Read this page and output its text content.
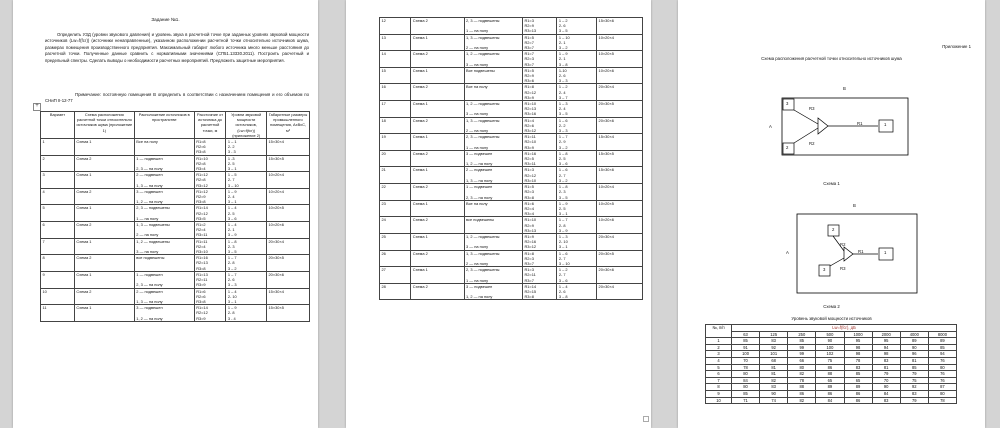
Задание №1.
Определить УЗД (уровни звукового давления) и уровень звука в расчетной точке при заданных уровнях звуковой мощности источников (Lw=f(fсг)) (источники ненаправленные), указанном расположении расчетной точки относительно источников шума, размерах помещения производственного предприятия. Максимальный габарит любого источника много меньше расстояния до расчетной точки. Полученные данные сравнить с нормативными значениями (СП51.13330.2011). Построить расчетный и предельный спектры. Сделать выводы о необходимости расчетных мероприятий. Предложить защитные мероприятия.
Примечание: постоянную помещения В определить в соответствии с назначением помещения и его объемом по СНиП II-12-77
+
Вариант	Схема расположения расчетной точки относительно источников шума (приложение 1)	Расположение источников в пространстве	Расстояние от источника до расчетной точки, м	Уровни звуковой мощности источников, (Lw=f(fсг)) (приложение 2)	Габаритные размеры промышленного помещения, АхВхС, м³
1	Схема 1	Все на полу	R1=8
R2=6
R3=8	1 – 1
2- 2
3 - 3	15×30×4
2	Схема 2	1 — подвешен

2, 3 — на полу	R1=10
R2=8
R3=4	1 -3
2- 5
3 – 1	15×30×5
3	Схема 1	2 — подвешен

1, 3 — на полу	R1=12
R2=8
R3=12	1 – 5
2- 7
3 – 10	10×20×4
4	Схема 2	3 — подвешен

1, 2 — на полу	R1=12
R2=9
R3=8	1 – 9
2- 4
3 – 1	10×20×4
5	Схема 1	2, 3 — подвешены

1 — на полу	R1=14
R2=12
R3=5	1 – 4
2- 5
3 – 6	10×20×5
6	Схема 2	1, 3 — подвешены

2 — на полу	R1=2
R2=4
R3=11	1 – 4
2- 1
3 – 9	10×20×6
7	Схема 1	1, 2 — подвешены

3 — на полу	R1=11
R2=4
R3=10	1 – 8
2- 3
3 – 5	20×30×4
8	Схема 2	все подвешены	R1=16
R2=13
R3=8	1 – 7
2- 8
3 – 2	20×30×5
9	Схема 1	1 — подвешен

2, 3 — на полу	R1=13
R2=11
R3=9	1 – 7
2- 6
3 – 3	20×30×6
10	Схема 2	2 — подвешен

1, 3 — на полу	R1=6
R2=6
R3=8	1 – 4
2- 10
3 – 1	15×30×4
11	Схема 1	3 — подвешен

1, 2 — на полу	R1=14
R2=12
R3=9	1 – 9
2- 8
3 - 4	15×30×5
12	Схема 2	2, 3 — подвешены

1 — на полу	R1=3
R2=9
R3=13	1 – 2
2- 6
3 – 5	15×30×6
13	Схема 1	1, 3 — подвешены

2 — на полу	R1=5
R2=7
R3=7	1 – 10
2- 1
3 – 2	10×20×4
14	Схема 2	1, 2 — подвешены

3 — на полу	R1=7
R2=3
R3=7	1 – 9
2- 1
3 – 8	10×20×5
15	Схема 1	Все подвешены	R1=5
R2=9
R3=6	1-10
2- 6
3 – 3	10×20×6
16	Схема 2	Все на полу	R1=8
R2=12
R3=9	1 – 2
2- 4
3 – 7	20×30×4
17	Схема 1	1, 2 — подвешены

3 — на полу	R1=10
R2=13
R3=16	1 – 3
2- 4
3 – 5	20×30×5
18	Схема 2	1, 3 — подвешены

2 — на полу	R1=4
R2=6
R3=12	1 – 6
2- 2
3 – 3	20×30×6
19	Схема 1	2, 3 — подвешены

1 — на полу	R1=11
R2=10
R3=9	1 – 7
2- 9
3 – 2	15×30×4
20	Схема 2	3 — подвешен

1, 2 — на полу	R1=16
R2=5
R3=11	1 – 8
2- 5
3 – 6	15×30×5
21	Схема 1	2 — подвешен

1, 3 — на полу	R1=3
R2=12
R3=10	1 – 6
2- 7
3 – 2	15×30×6
22	Схема 2	1 — подвешен

2, 3 — на полу	R1=5
R2=3
R3=8	1 – 8
2- 3
3 – 5	10×20×4
23	Схема 1	Все на полу	R1=6
R2=4
R3=4	1 – 9
2- 5
3 – 1	10×20×5
24	Схема 2	все подвешены	R1=10
R2=9
R3=13	1 – 7
2- 8
3 – 9	10×20×6
25	Схема 1	1, 2 — подвешены

3 — на полу	R1=9
R2=16
R3=12	1 – 3
2- 10
3 – 1	20×30×4
26	Схема 2	1, 3 — подвешены

2 — на полу	R1=8
R2=3
R3=7	1 – 6
2- 7
3 – 10	20×30×5
27	Схема 1	2, 3 — подвешены

1 — на полу	R1=3
R2=11
R3=7	1 – 2
2- 7
3 – 6	20×30×6
28	Схема 2	3 — подвешен

1, 2 — на полу	R1=14
R2=15
R3=8	1 – 4
2- 6
3 – 8	20×30×4
Приложение 1
Схема расположения расчетной точки относительно источников шума
В
А
3
2
1
R3
R2
R1
Схема 1
В
А
2
3
1
R2
R3
R1
Схема 2
Уровень звуковой мощности источников
№, п/п	Lw=f(fсг), дБ							
	63	125	250	500	1000	2000	4000	8000
1	85	83	85	90	95	95	89	89
2	91	92	99	100	98	94	90	85
3	100	101	99	102	98	98	96	94
4	70	68	66	75	78	83	81	76
5	78	81	80	86	83	81	85	80
6	80	81	82	88	85	79	79	76
7	84	82	78	65	65	70	75	76
8	80	83	88	89	89	90	92	87
9	85	90	86	86	86	84	83	80
10	71	74	82	84	86	83	79	78
